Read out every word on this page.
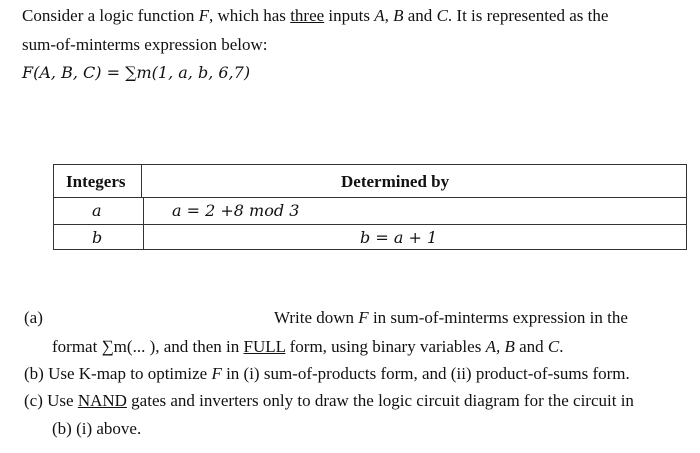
Consider a logic function F, which has three inputs A, B and C. It is represented as the
sum-of-minterms expression below:
F(A, B, C) = ∑m(1, a, b, 6,7)
Integers	Determined by
a	a = 2 +8 mod 3
b	b = a + 1
(a)	Write down F in sum-of-minterms expression in the
format ∑m(... ), and then in FULL form, using binary variables A, B and C.
(b) Use K-map to optimize F in (i) sum-of-products form, and (ii) product-of-sums form.
(c) Use NAND gates and inverters only to draw the logic circuit diagram for the circuit in
(b) (i) above.
